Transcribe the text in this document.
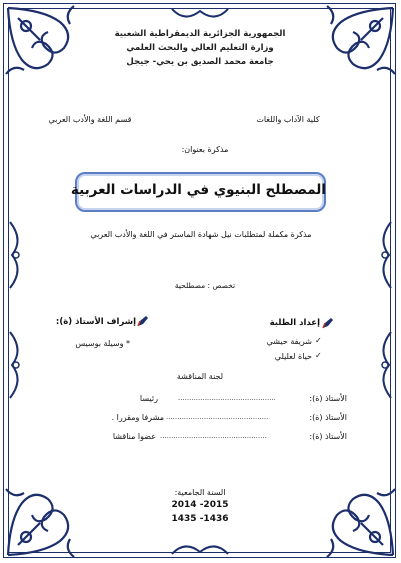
الجمهورية الجزائرية الديمقراطية الشعبية
وزارة التعليم العالي والبحث العلمي
جامعة محمد الصديق بن يحي- جيجل
كلية الآداب واللغات
قسم اللغة والأدب العربي
مذكرة بعنوان:
المصطلح البنيوي في الدراسات العربية
مذكرة مكملة لمتطلبات نيل شهادة الماستر في اللغة والأدب العربي
تخصص : مصطلحية
إعداد الطلبة
✓
شريفة حيشي
✓
حياة لعليلي
إشراف الأستاذ (ة):
* وسيلة بوسيس
لجنة المناقشة
الأستاذ (ة):
............................................
رئيسا
الأستاذ (ة):
..............................................
مشرفا ومقررا .
الأستاذ (ة):
................................................
عضوا مناقشا
السنة الجامعية:
2014 -2015
1435 -1436
